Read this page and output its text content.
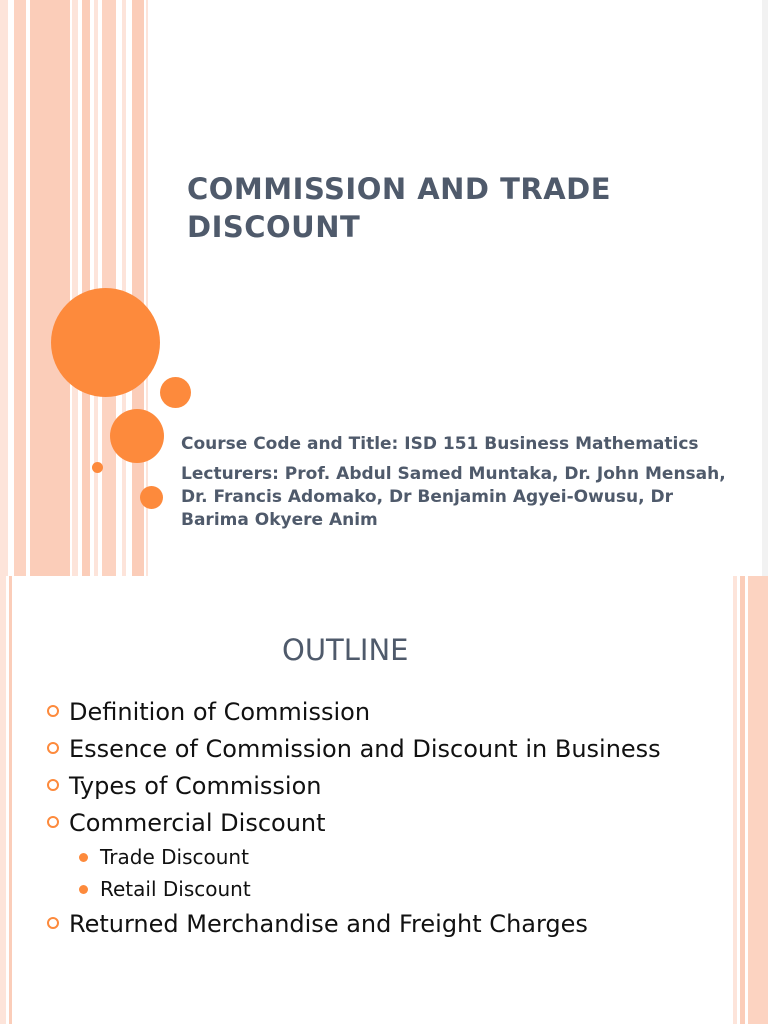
COMMISSION AND TRADE DISCOUNT

Course Code and Title: ISD 151 Business Mathematics

Lecturers: Prof. Abdul Samed Muntaka, Dr. John Mensah, Dr. Francis Adomako, Dr Benjamin Agyei-Owusu, Dr Barima Okyere Anim

OUTLINE
Definition of Commission
Essence of Commission and Discount in Business
Types of Commission
Commercial Discount
Trade Discount
Retail Discount
Returned Merchandise and Freight Charges
